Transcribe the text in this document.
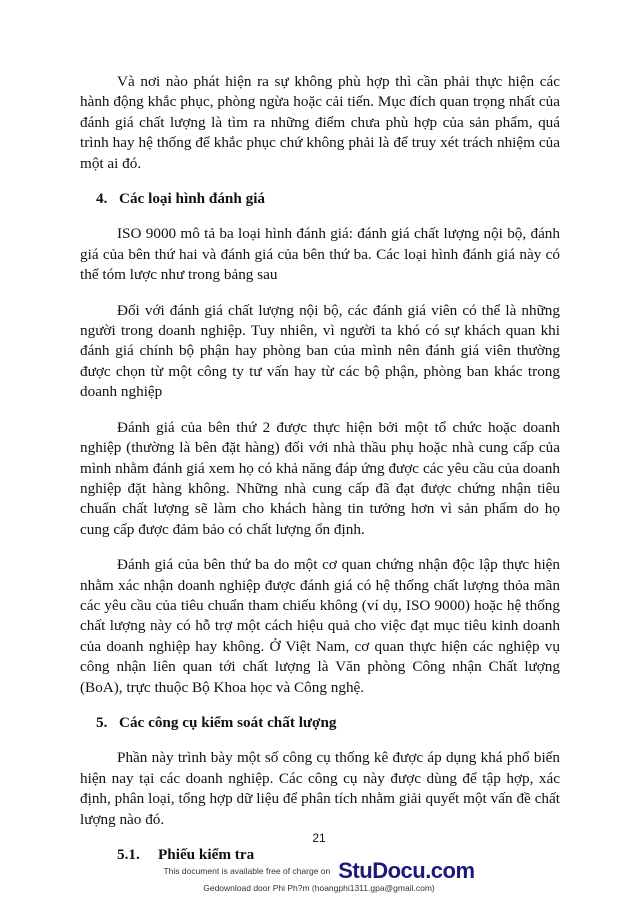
Và nơi nào phát hiện ra sự không phù hợp thì cần phải thực hiện các hành động khắc phục, phòng ngừa hoặc cải tiến. Mục đích quan trọng nhất của đánh giá chất lượng là tìm ra những điểm chưa phù hợp của sản phẩm, quá trình hay hệ thống để khắc phục chứ không phải là để truy xét trách nhiệm của một ai đó.

4. Các loại hình đánh giá

ISO 9000 mô tả ba loại hình đánh giá: đánh giá chất lượng nội bộ, đánh giá của bên thứ hai và đánh giá của bên thứ ba. Các loại hình đánh giá này có thể tóm lược như trong bảng sau

Đối với đánh giá chất lượng nội bộ, các đánh giá viên có thể là những người trong doanh nghiệp. Tuy nhiên, vì người ta khó có sự khách quan khi đánh giá chính bộ phận hay phòng ban của mình nên đánh giá viên thường được chọn từ một công ty tư vấn hay từ các bộ phận, phòng ban khác trong doanh nghiệp

Đánh giá của bên thứ 2 được thực hiện bởi một tổ chức hoặc doanh nghiệp (thường là bên đặt hàng) đối với nhà thầu phụ hoặc nhà cung cấp của mình nhằm đánh giá xem họ có khả năng đáp ứng được các yêu cầu của doanh nghiệp đặt hàng không. Những nhà cung cấp đã đạt được chứng nhận tiêu chuẩn chất lượng sẽ làm cho khách hàng tin tưởng hơn vì sản phẩm do họ cung cấp được đảm bảo có chất lượng ổn định.

Đánh giá của bên thứ ba do một cơ quan chứng nhận độc lập thực hiện nhằm xác nhận doanh nghiệp được đánh giá có hệ thống chất lượng thỏa mãn các yêu cầu của tiêu chuẩn tham chiếu không (ví dụ, ISO 9000) hoặc hệ thống chất lượng này có hỗ trợ một cách hiệu quả cho việc đạt mục tiêu kinh doanh của doanh nghiệp hay không. Ở Việt Nam, cơ quan thực hiện các nghiệp vụ công nhận liên quan tới chất lượng là Văn phòng Công nhận Chất lượng (BoA), trực thuộc Bộ Khoa học và Công nghệ.

5. Các công cụ kiểm soát chất lượng

Phần này trình bày một số công cụ thống kê được áp dụng khá phổ biến hiện nay tại các doanh nghiệp. Các công cụ này được dùng để tập hợp, xác định, phân loại, tổng hợp dữ liệu để phân tích nhằm giải quyết một vấn đề chất lượng nào đó.

5.1. Phiếu kiểm tra
21
This document is available free of charge on StuDocu.com
Gedownload door Phi Ph?m (hoangphi1311.gpa@gmail.com)
